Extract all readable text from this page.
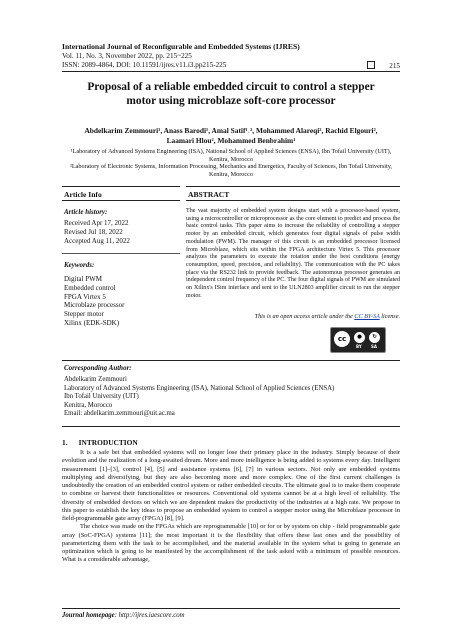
International Journal of Reconfigurable and Embedded Systems (IJRES)
Vol. 11, No. 3, November 2022, pp. 215~225
ISSN: 2089-4864, DOI: 10.11591/ijres.v11.i3.pp215-225	215
Proposal of a reliable embedded circuit to control a stepper
motor using microblaze soft-core processor
Abdelkarim Zemmouri¹, Anass Barodi¹, Amal Satif¹˒², Mohammed Alareqi², Rachid Elgouri²,
Laamari Hlou², Mohammed Benbrahim¹
¹Laboratory of Advanced Systems Engineering (ISA), National School of Applied Sciences (ENSA), Ibn Tofail University (UIT),
Kenitra, Morocco
²Laboratory of Electronic Systems, Information Processing, Mechanics and Energetics, Faculty of Sciences, Ibn Tofail University,
Kenitra, Morocco
Article Info	ABSTRACT
Article history:
Received Apr 17, 2022
Revised Jul 18, 2022
Accepted Aug 11, 2022
Keywords:
Digital PWM
Embedded control
FPGA Virtex 5
Microblaze processor
Stepper motor
Xilinx (EDK-SDK)
The vast majority of embedded system designs start with a processor-based system, using a microcontroller or microprocessor as the core element to predict and process the basic control tasks. This paper aims to increase the reliability of controlling a stepper motor by an embedded circuit, which generates four digital signals of pulse width modulation (PWM). The manager of this circuit is an embedded processor licensed from Microblaze, which sits within the FPGA architecture Virtex 5. This processor analyzes the parameters to execute the rotation under the best conditions (energy consumption, speed, precision, and reliability). The communication with the PC takes place via the RS232 link to provide feedback. The autonomous processor generates an independent control frequency of the PC. The four digital signals of PWM are simulated on Xilinx's ISim interface and sent to the ULN2803 amplifier circuit to run the stepper motor.
This is an open access article under the CC BY-SA license.
cc	●	↻
BY SA
Corresponding Author:
Abdelkarim Zemmouri
Laboratory of Advanced Systems Engineering (ISA), National School of Applied Sciences (ENSA)
Ibn Tofail University (UIT)
Kenitra, Morocco
Email: abdelkarim.zemmouri@uit.ac.ma
1.      INTRODUCTION

It is a safe bet that embedded systems will no longer lose their primary place in the industry. Simply because of their evolution and the realization of a long-awaited dream. More and more intelligence is being added to systems every day. Intelligent measurement [1]–[3], control [4], [5] and assistance systems [6], [7] in various sectors. Not only are embedded systems multiplying and diversifying, but they are also becoming more and more complex. One of the first current challenges is undoubtedly the creation of an embedded control system or rather embedded circuits. The ultimate goal is to make them cooperate to combine or harvest their functionalities or resources. Conventional old systems cannot be at a high level of reliability. The diversity of embedded devices on which we are dependent makes the productivity of the industries at a high rate. We propose in this paper to establish the key ideas to propose an embedded system to control a stepper motor using the Microblaze processor in field-programmable gate array (FPGA) [8], [9].

The choice was made on the FPGAs which are reprogrammable [10] or for or by system on chip - field programmable gate array (SoC-FPGA) systems [11]; the most important it is the flexibility that offers these last ones and the possibility of parameterizing them with the task to be accomplished, and the material available in the system what is going to generate an optimization which is going to be manifested by the accomplishment of the task asked with a minimum of possible resources. What is a considerable advantage,

Journal homepage: http://ijres.iaescore.com
